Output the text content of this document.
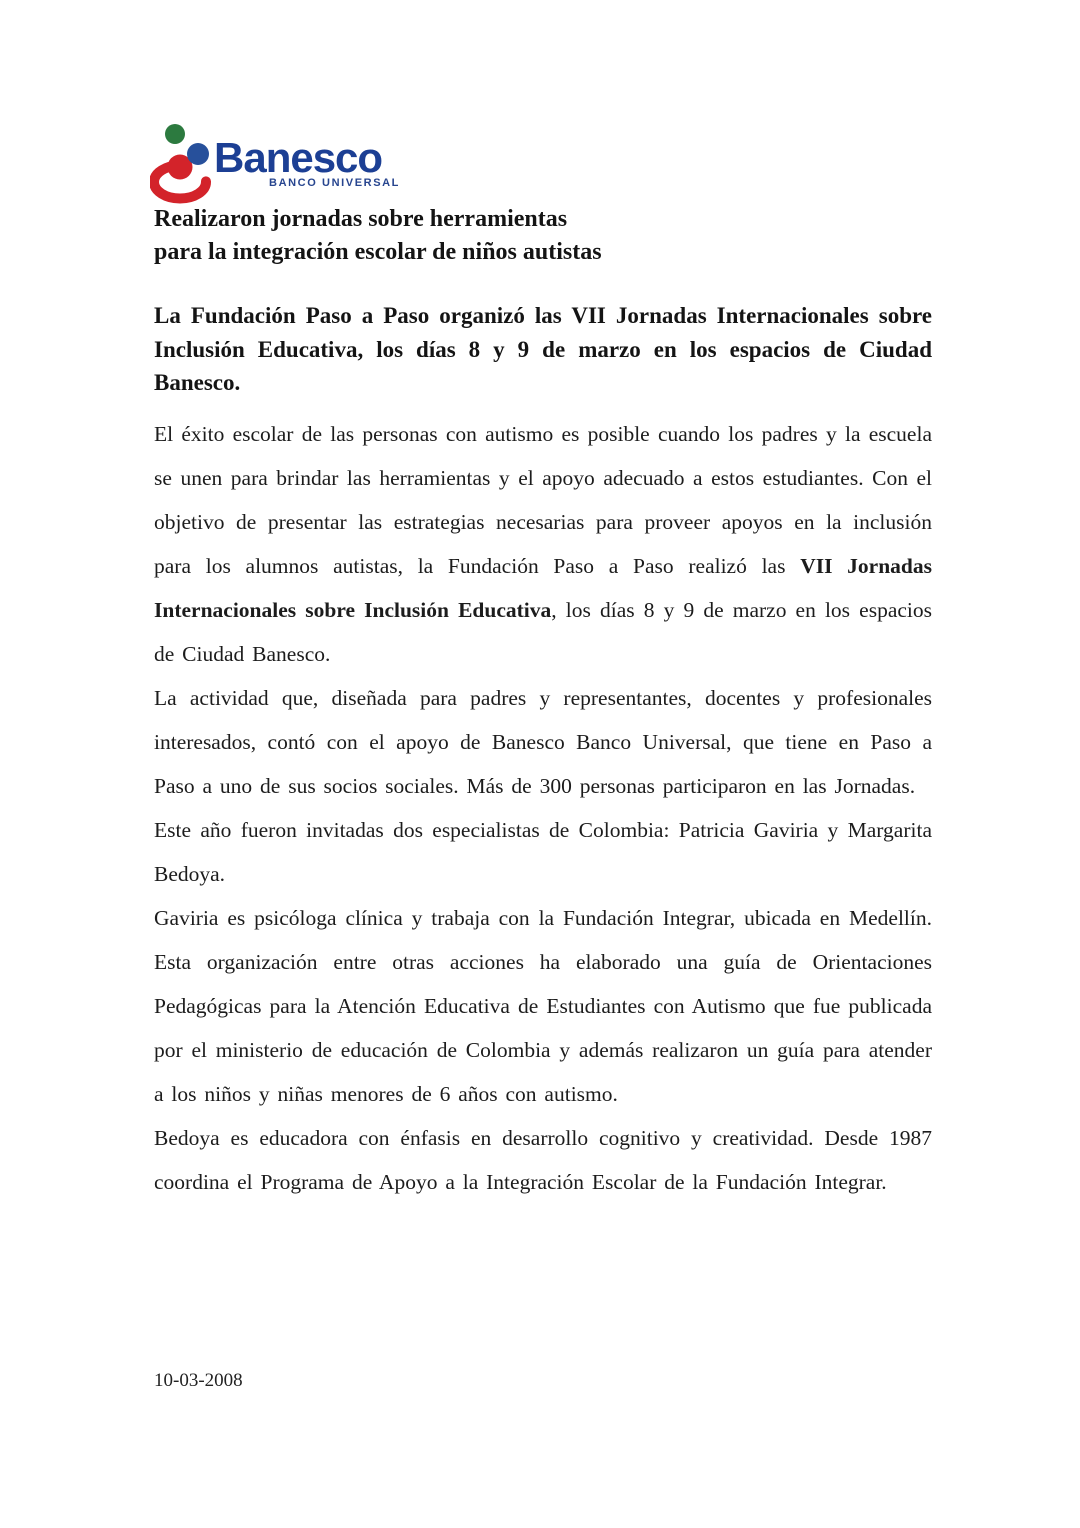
Banesco
BANCO UNIVERSAL
Realizaron jornadas sobre herramientas
para la integración escolar de niños autistas
La Fundación Paso a Paso organizó las VII Jornadas Internacionales sobre Inclusión Educativa, los días 8 y 9 de marzo en los espacios de Ciudad Banesco.

El éxito escolar de las personas con autismo es posible cuando los padres y la escuela se unen para brindar las herramientas y el apoyo adecuado a estos estudiantes. Con el objetivo de presentar las estrategias necesarias para proveer apoyos en la inclusión para los alumnos autistas, la Fundación Paso a Paso realizó las VII Jornadas Internacionales sobre Inclusión Educativa, los días 8 y 9 de marzo en los espacios de Ciudad Banesco.

La actividad que, diseñada para padres y representantes, docentes y profesionales interesados, contó con el apoyo de Banesco Banco Universal, que tiene en Paso a Paso a uno de sus socios sociales. Más de 300 personas participaron en las Jornadas.

Este año fueron invitadas dos especialistas de Colombia: Patricia Gaviria y Margarita Bedoya.

Gaviria es psicóloga clínica y trabaja con la Fundación Integrar, ubicada en Medellín. Esta organización entre otras acciones ha elaborado una guía de Orientaciones Pedagógicas para la Atención Educativa de Estudiantes con Autismo que fue publicada por el ministerio de educación de Colombia y además realizaron un guía para atender a los niños y niñas menores de 6 años con autismo.

Bedoya es educadora con énfasis en desarrollo cognitivo y creatividad. Desde 1987 coordina el Programa de Apoyo a la Integración Escolar de la Fundación Integrar.

10-03-2008
